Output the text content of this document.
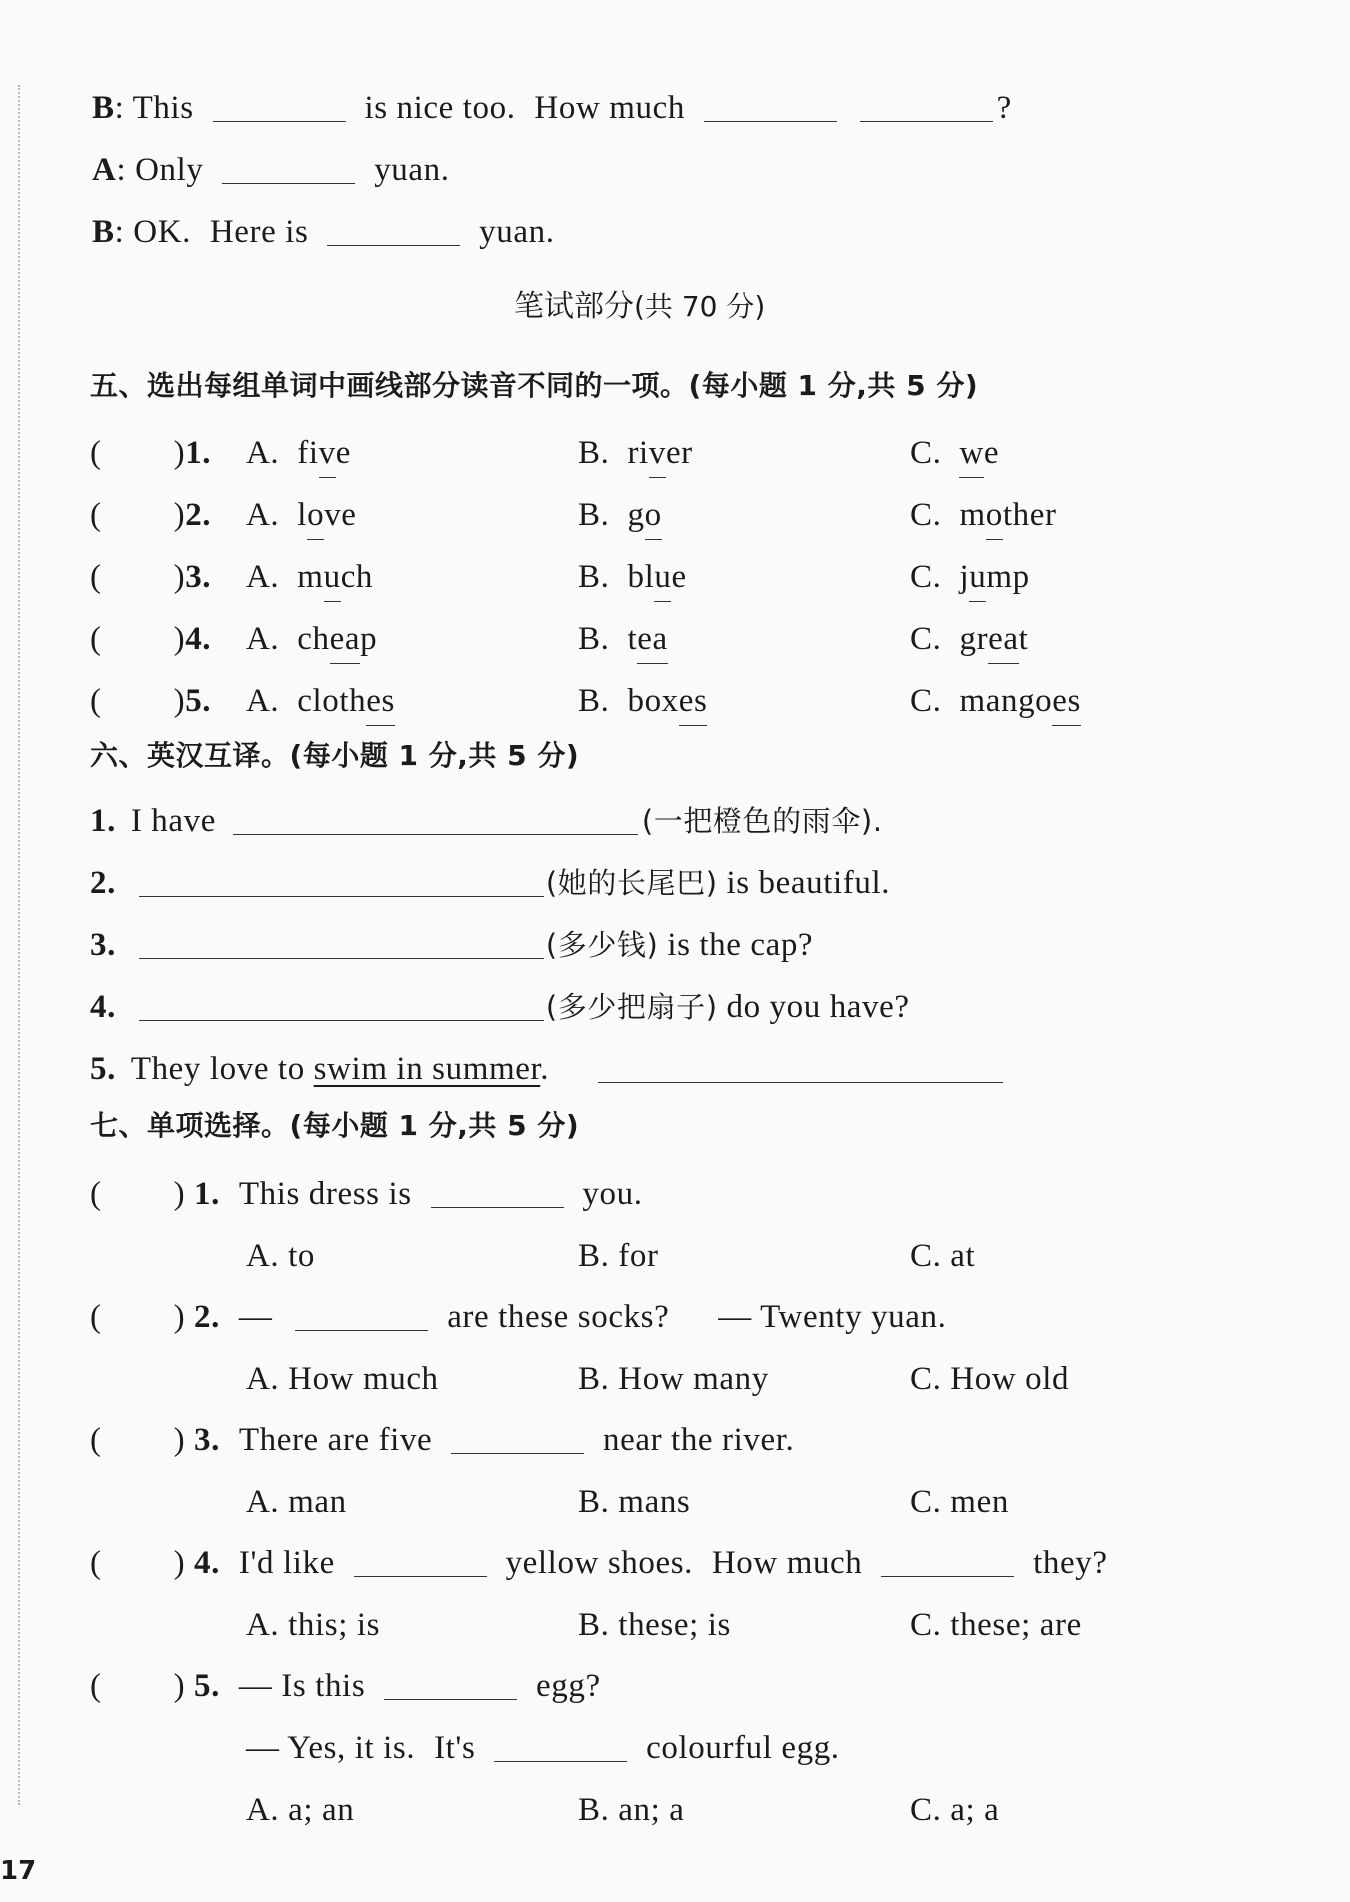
B: This	is nice too. How much	?
A: Only	yuan.
B: OK. Here is	yuan.
笔试部分(共 70 分)
五、选出每组单词中画线部分读音不同的一项。(每小题 1 分,共 5 分)
( )1. A. five	B. river	C. we
( )2. A. love	B. go	C. mother
( )3. A. much	B. blue	C. jump
( )4. A. cheap	B. tea	C. great
( )5. A. clothes	B. boxes	C. mangoes
六、英汉互译。(每小题 1 分,共 5 分)
1. I have	(一把橙色的雨伞).
2.	(她的长尾巴) is beautiful.
3.	(多少钱) is the cap?
4.	(多少把扇子) do you have?
5. They love to swim in summer.
七、单项选择。(每小题 1 分,共 5 分)
( ) 1. This dress is	you.
A. to	B. for	C. at
( ) 2. —	are these socks? — Twenty yuan.
A. How much	B. How many	C. How old
( ) 3. There are five	near the river.
A. man	B. mans	C. men
( ) 4. I'd like	yellow shoes. How much	they?
A. this; is	B. these; is	C. these; are
( ) 5. — Is this	egg?
— Yes, it is. It's	colourful egg.
A. a; an	B. an; a	C. a; a
17
